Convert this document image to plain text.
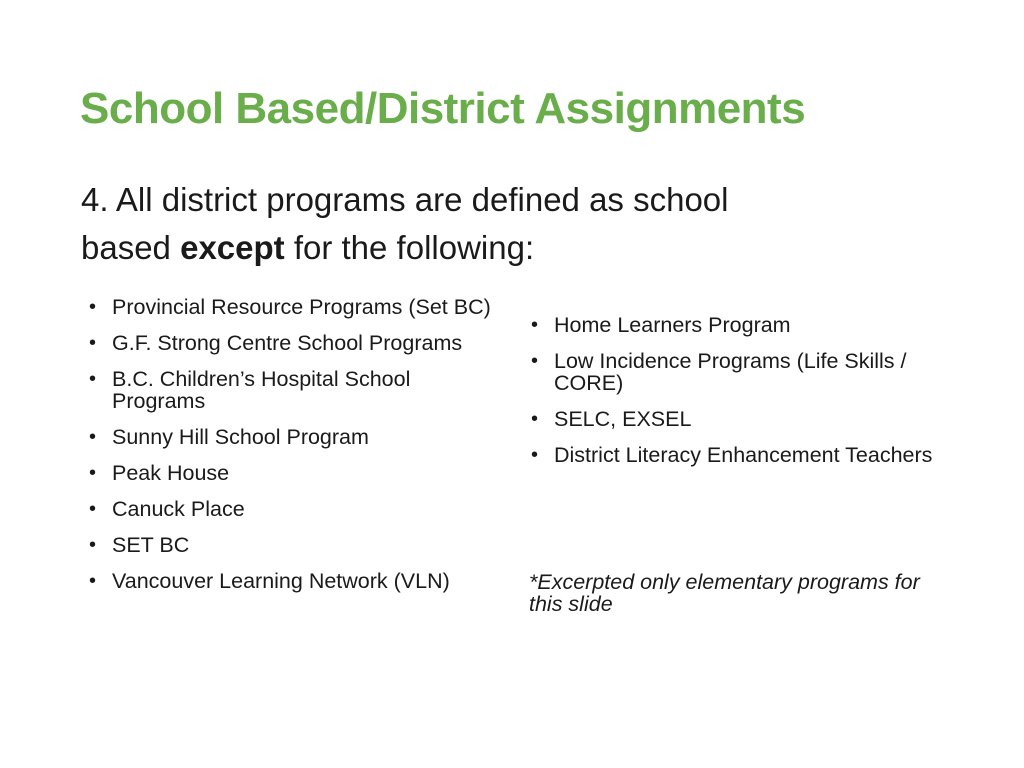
School Based/District Assignments
4. All district programs are defined as school
based except for the following:
• Provincial Resource Programs (Set BC)
• G.F. Strong Centre School Programs
• B.C. Children’s Hospital School Programs
• Sunny Hill School Program
• Peak House
• Canuck Place
• SET BC
• Vancouver Learning Network (VLN)
• Home Learners Program
• Low Incidence Programs (Life Skills / CORE)
• SELC, EXSEL
• District Literacy Enhancement Teachers
*Excerpted only elementary programs for this slide
